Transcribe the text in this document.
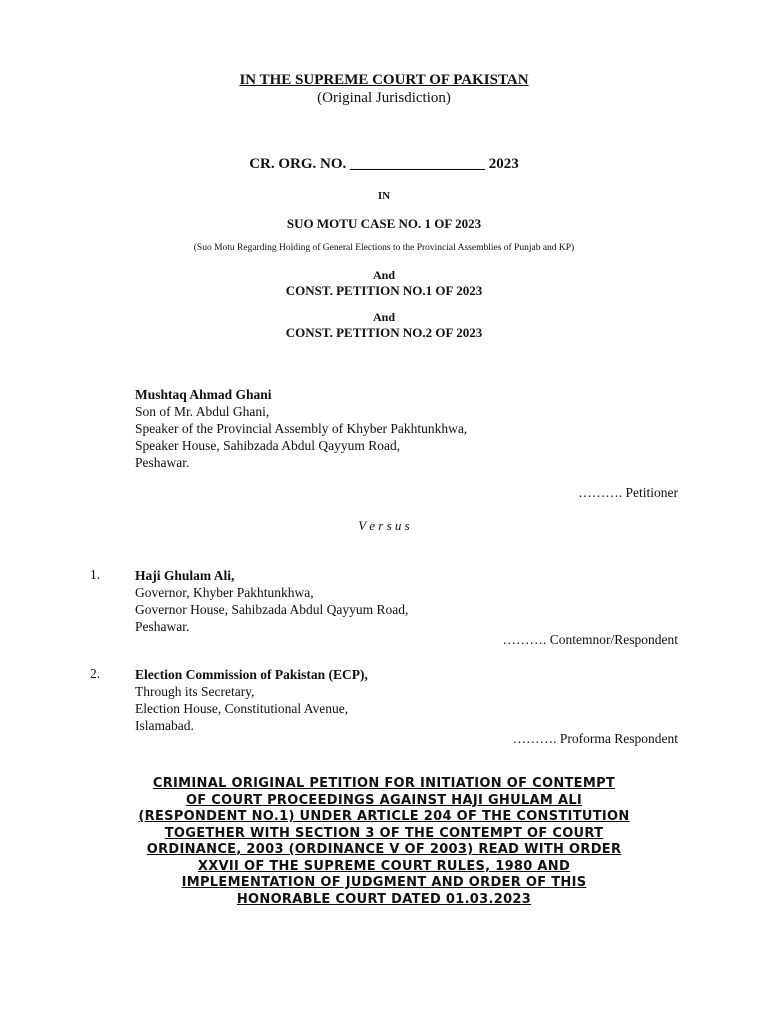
IN THE SUPREME COURT OF PAKISTAN
(Original Jurisdiction)
CR. ORG. NO. __________________ 2023
IN
SUO MOTU CASE NO. 1 OF 2023
(Suo Motu Regarding Holding of General Elections to the Provincial Assemblies of Punjab and KP)
And
CONST. PETITION NO.1 OF 2023
And
CONST. PETITION NO.2 OF 2023
Mushtaq Ahmad Ghani
Son of Mr. Abdul Ghani,
Speaker of the Provincial Assembly of Khyber Pakhtunkhwa,
Speaker House, Sahibzada Abdul Qayyum Road,
Peshawar.
………. Petitioner
V e r s u s
1.	Haji Ghulam Ali,
Governor, Khyber Pakhtunkhwa,
Governor House, Sahibzada Abdul Qayyum Road,
Peshawar.
………. Contemnor/Respondent
2.	Election Commission of Pakistan (ECP),
Through its Secretary,
Election House, Constitutional Avenue,
Islamabad.
………. Proforma Respondent
CRIMINAL ORIGINAL PETITION FOR INITIATION OF CONTEMPT
OF COURT PROCEEDINGS AGAINST HAJI GHULAM ALI
(RESPONDENT NO.1) UNDER ARTICLE 204 OF THE CONSTITUTION
TOGETHER WITH SECTION 3 OF THE CONTEMPT OF COURT
ORDINANCE, 2003 (ORDINANCE V OF 2003) READ WITH ORDER
XXVII OF THE SUPREME COURT RULES, 1980 AND
IMPLEMENTATION OF JUDGMENT AND ORDER OF THIS
HONORABLE COURT DATED 01.03.2023
